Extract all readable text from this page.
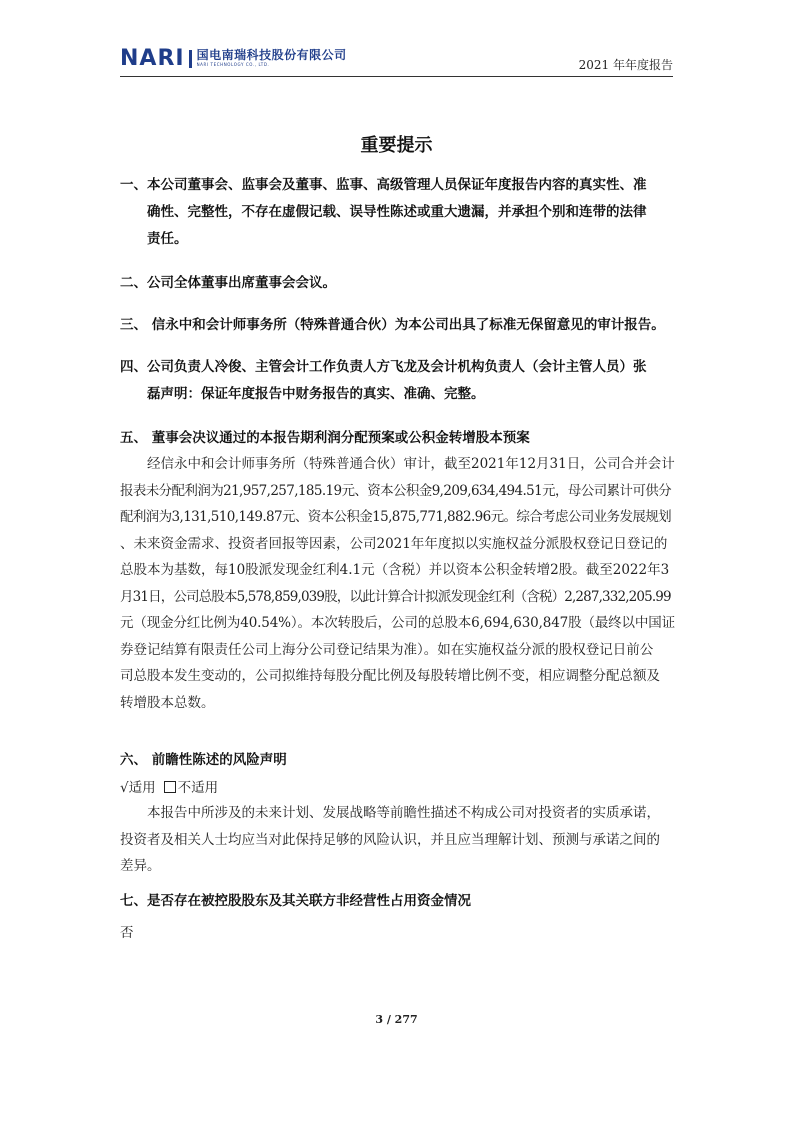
NARI 国电南瑞科技股份有限公司
NARI TECHNOLOGY CO., LTD.	2021 年年度报告
重要提示
一、本公司董事会、监事会及董事、监事、高级管理人员保证年度报告内容的真实性、准
确性、完整性，不存在虚假记载、误导性陈述或重大遗漏，并承担个别和连带的法律
责任。
二、公司全体董事出席董事会会议。
三、 信永中和会计师事务所（特殊普通合伙）为本公司出具了标准无保留意见的审计报告。
四、公司负责人冷俊、主管会计工作负责人方飞龙及会计机构负责人（会计主管人员）张
磊声明：保证年度报告中财务报告的真实、准确、完整。
五、 董事会决议通过的本报告期利润分配预案或公积金转增股本预案
经信永中和会计师事务所（特殊普通合伙）审计，截至2021年12月31日，公司合并会计
报表未分配利润为21,957,257,185.19元、资本公积金9,209,634,494.51元，母公司累计可供分
配利润为3,131,510,149.87元、资本公积金15,875,771,882.96元。综合考虑公司业务发展规划
、未来资金需求、投资者回报等因素，公司2021年年度拟以实施权益分派股权登记日登记的
总股本为基数，每10股派发现金红利4.1元（含税）并以资本公积金转增2股。截至2022年3
月31日，公司总股本5,578,859,039股，以此计算合计拟派发现金红利（含税）2,287,332,205.99
元（现金分红比例为40.54%）。本次转股后，公司的总股本6,694,630,847股（最终以中国证
券登记结算有限责任公司上海分公司登记结果为准）。如在实施权益分派的股权登记日前公
司总股本发生变动的，公司拟维持每股分配比例及每股转增比例不变，相应调整分配总额及
转增股本总数。
六、 前瞻性陈述的风险声明
√适用 不适用
本报告中所涉及的未来计划、发展战略等前瞻性描述不构成公司对投资者的实质承诺，
投资者及相关人士均应当对此保持足够的风险认识，并且应当理解计划、预测与承诺之间的
差异。
七、是否存在被控股股东及其关联方非经营性占用资金情况
否
3 / 277
